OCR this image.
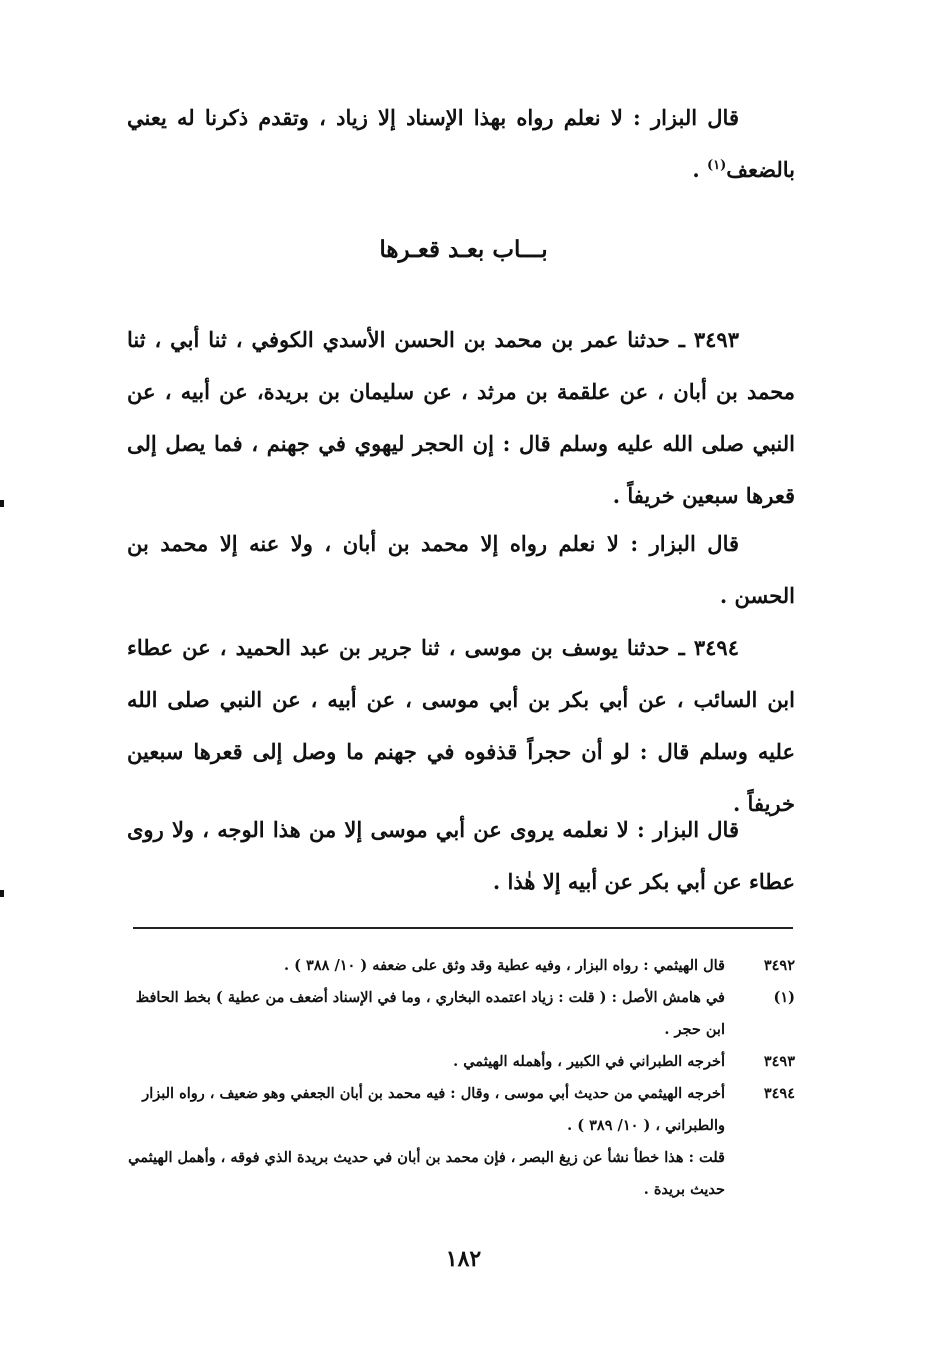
قال البزار : لا نعلم رواه بهذا الإسناد إلا زياد ، وتقدم ذكرنا له يعني بالضعف$^{(١)}$ .

بـــاب بعـد قعـرها

٣٤٩٣ ـ حدثنا عمر بن محمد بن الحسن الأسدي الكوفي ، ثنا أبي ، ثنا محمد بن أبان ، عن علقمة بن مرثد ، عن سليمان بن بريدة، عن أبيه ، عن النبي صلى الله عليه وسلم قال : إن الحجر ليهوي في جهنم ، فما يصل إلى قعرها سبعين خريفاً .

قال البزار : لا نعلم رواه إلا محمد بن أبان ، ولا عنه إلا محمد بن الحسن .

٣٤٩٤ ـ حدثنا يوسف بن موسى ، ثنا جرير بن عبد الحميد ، عن عطاء ابن السائب ، عن أبي بكر بن أبي موسى ، عن أبيه ، عن النبي صلى الله عليه وسلم قال : لو أن حجراً قذفوه في جهنم ما وصل إلى قعرها سبعين خريفاً .

قال البزار : لا نعلمه يروى عن أبي موسى إلا من هذا الوجه ، ولا روى عطاء عن أبي بكر عن أبيه إلا هٰذا .

٣٤٩٢
قال الهيثمي : رواه البزار ، وفيه عطية وقد وثق على ضعفه ( ١٠/ ٣٨٨ ) .
(١)
في هامش الأصل : ( قلت : زياد اعتمده البخاري ، وما في الإسناد أضعف من عطية ) بخط الحافظ ابن حجر .
٣٤٩٣
أخرجه الطبراني في الكبير ، وأهمله الهيثمي .
٣٤٩٤
أخرجه الهيثمي من حديث أبي موسى ، وقال : فيه محمد بن أبان الجعفي وهو ضعيف ، رواه البزار والطبراني ، ( ١٠/ ٣٨٩ ) .
قلت : هذا خطأ نشأ عن زيغ البصر ، فإن محمد بن أبان في حديث بريدة الذي فوقه ، وأهمل الهيثمي حديث بريدة .
١٨٢
